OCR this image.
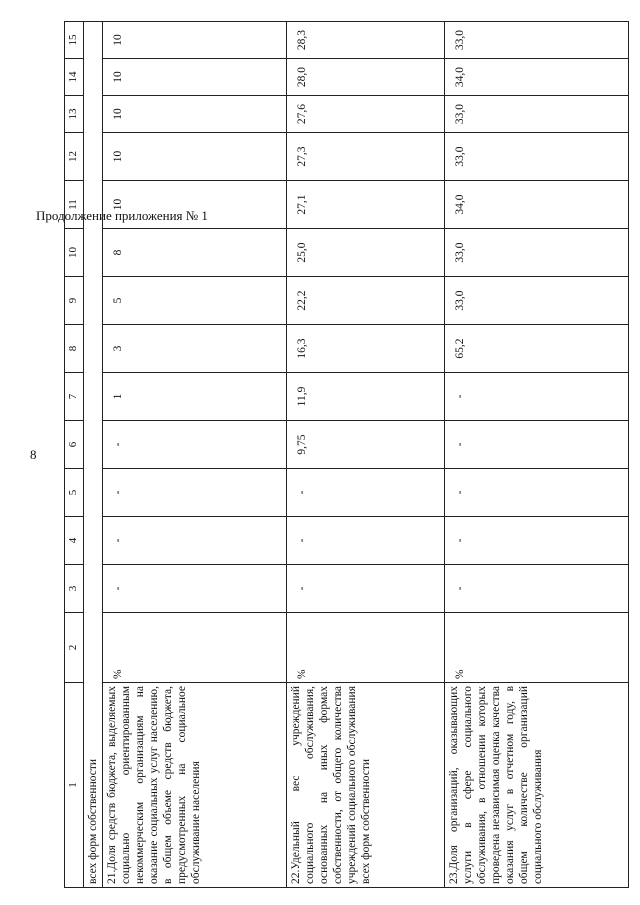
8
Продолжение приложения № 1
1	2	3	4	5	6	7	8	9	10	11	12	13	14	15
всех форм собственности														
21.Доля средств бюджета, выделяемых социально ориентированным некоммерческим организациям на оказание социальных услуг населению, в общем объеме средств бюджета, предусмотренных на социальное обслуживание населения	%	-	-	-	-	1	3	5	8	10	10	10	10	10
22.Удельный вес учреждений социального обслуживания, основанных на иных формах собственности, от общего количества учреждений социального обслуживания всех форм собственности	%	-	-	-	9,75	11,9	16,3	22,2	25,0	27,1	27,3	27,6	28,0	28,3
23.Доля организаций, оказывающих услуги в сфере социального обслуживания, в отношении которых проведена независимая оценка качества оказания услуг в отчетном году, в общем количестве организаций социального обслуживания	%	-	-	-	-	-	65,2	33,0	33,0	34,0	33,0	33,0	34,0	33,0
